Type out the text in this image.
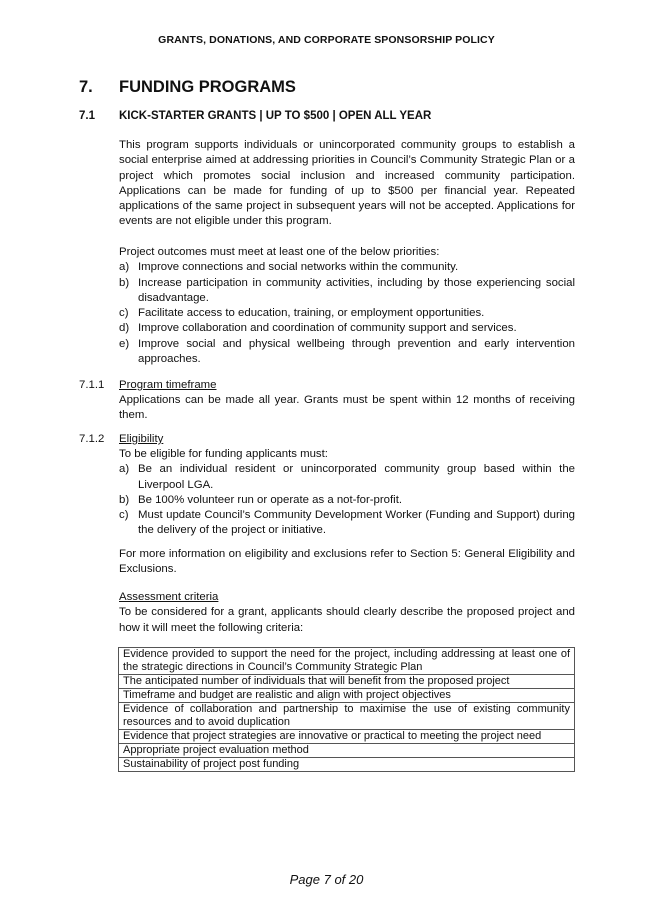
GRANTS, DONATIONS, AND CORPORATE SPONSORSHIP POLICY
7. FUNDING PROGRAMS
7.1 KICK-STARTER GRANTS | UP TO $500 | OPEN ALL YEAR
This program supports individuals or unincorporated community groups to establish a social enterprise aimed at addressing priorities in Council’s Community Strategic Plan or a project which promotes social inclusion and increased community participation. Applications can be made for funding of up to $500 per financial year. Repeated applications of the same project in subsequent years will not be accepted. Applications for events are not eligible under this program.
Project outcomes must meet at least one of the below priorities:
a) Improve connections and social networks within the community.
b) Increase participation in community activities, including by those experiencing social disadvantage.
c) Facilitate access to education, training, or employment opportunities.
d) Improve collaboration and coordination of community support and services.
e) Improve social and physical wellbeing through prevention and early intervention approaches.
7.1.1 Program timeframe
Applications can be made all year. Grants must be spent within 12 months of receiving them.
7.1.2 Eligibility
To be eligible for funding applicants must:
a) Be an individual resident or unincorporated community group based within the Liverpool LGA.
b) Be 100% volunteer run or operate as a not-for-profit.
c) Must update Council’s Community Development Worker (Funding and Support) during the delivery of the project or initiative.
For more information on eligibility and exclusions refer to Section 5: General Eligibility and Exclusions.
Assessment criteria
To be considered for a grant, applicants should clearly describe the proposed project and how it will meet the following criteria:
Evidence provided to support the need for the project, including addressing at least one of the strategic directions in Council’s Community Strategic Plan
The anticipated number of individuals that will benefit from the proposed project
Timeframe and budget are realistic and align with project objectives
Evidence of collaboration and partnership to maximise the use of existing community resources and to avoid duplication
Evidence that project strategies are innovative or practical to meeting the project need
Appropriate project evaluation method
Sustainability of project post funding
Page 7 of 20
